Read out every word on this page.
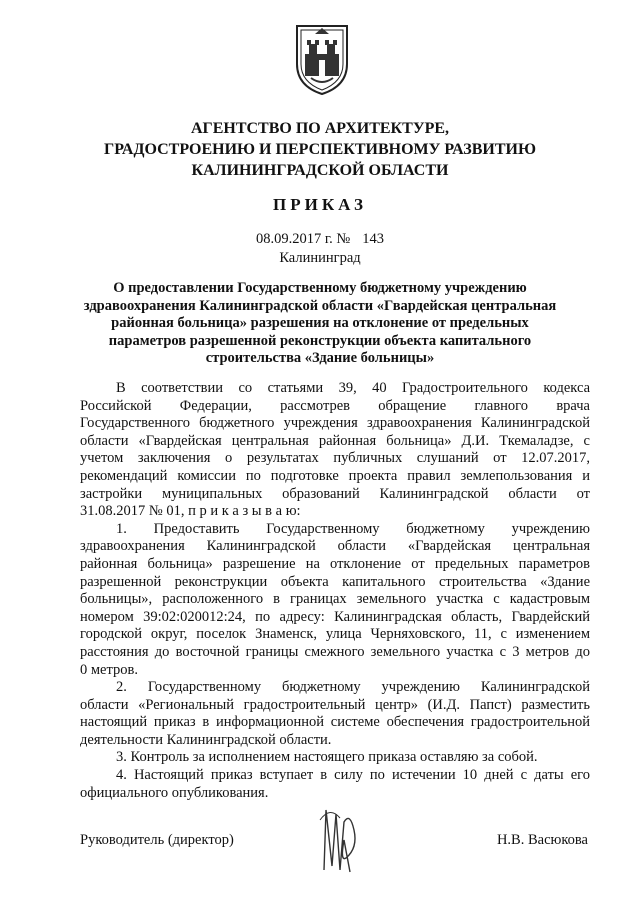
АГЕНТСТВО ПО АРХИТЕКТУРЕ,
ГРАДОСТРОЕНИЮ И ПЕРСПЕКТИВНОМУ РАЗВИТИЮ
КАЛИНИНГРАДСКОЙ ОБЛАСТИ
ПРИКАЗ
08.09.2017 г. № 143
Калининград
О предоставлении Государственному бюджетному учреждению
здравоохранения Калининградской области «Гвардейская центральная
районная больница» разрешения на отклонение от предельных
параметров разрешенной реконструкции объекта капитального
строительства «Здание больницы»
В соответствии со статьями 39, 40 Градостроительного кодекса
Российской Федерации, рассмотрев обращение главного врача
Государственного бюджетного учреждения здравоохранения Калининградской
области «Гвардейская центральная районная больница» Д.И. Ткемаладзе, с
учетом заключения о результатах публичных слушаний от 12.07.2017,
рекомендаций комиссии по подготовке проекта правил землепользования и
застройки муниципальных образований Калининградской области от
31.08.2017 № 01, п р и к а з ы в а ю:
1. Предоставить Государственному бюджетному учреждению
здравоохранения Калининградской области «Гвардейская центральная
районная больница» разрешение на отклонение от предельных параметров
разрешенной реконструкции объекта капитального строительства «Здание
больницы», расположенного в границах земельного участка с кадастровым
номером 39:02:020012:24, по адресу: Калининградская область, Гвардейский
городской округ, поселок Знаменск, улица Черняховского, 11, с изменением
расстояния до восточной границы смежного земельного участка с 3 метров до
0 метров.
2. Государственному бюджетному учреждению Калининградской
области «Региональный градостроительный центр» (И.Д. Папст) разместить
настоящий приказ в информационной системе обеспечения градостроительной
деятельности Калининградской области.
3. Контроль за исполнением настоящего приказа оставляю за собой.
4. Настоящий приказ вступает в силу по истечении 10 дней с даты его
официального опубликования.
Руководитель (директор)	Н.В. Васюкова
